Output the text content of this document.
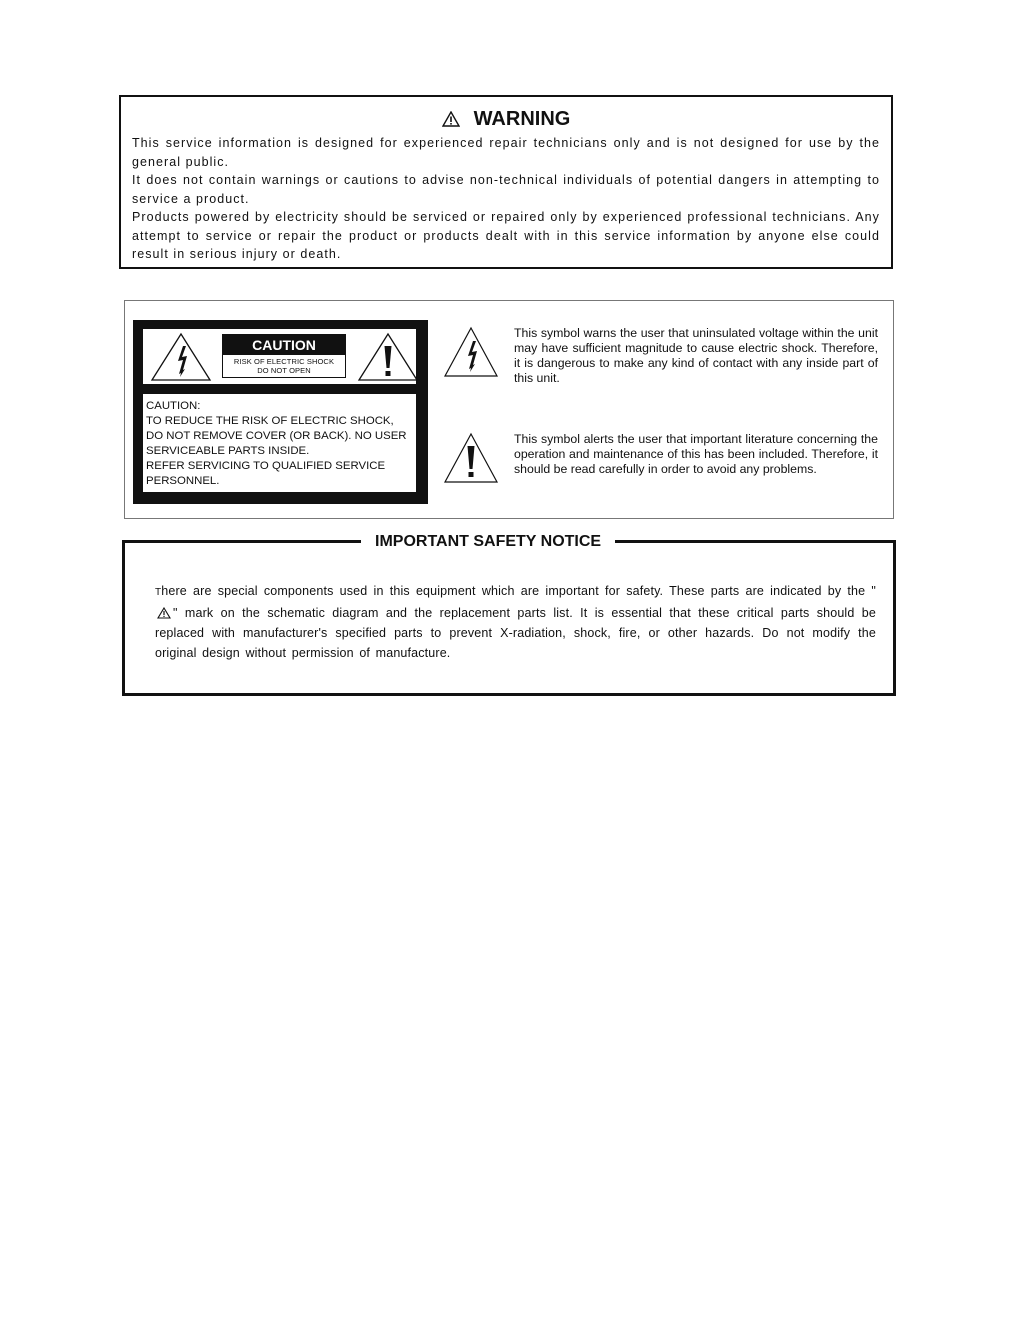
WARNING

This service information is designed for experienced repair technicians only and is not designed for use by the general public.

It does not contain warnings or cautions to advise non-technical individuals of potential dangers in attempting to service a product.

Products powered by electricity should be serviced or repaired only by experienced professional technicians. Any attempt to service or repair the product or products dealt with in this service information by anyone else could result in serious injury or death.

CAUTION
RISK OF ELECTRIC SHOCK
DO NOT OPEN
CAUTION:
TO REDUCE THE RISK OF ELECTRIC SHOCK,
DO NOT REMOVE COVER (OR BACK). NO USER
SERVICEABLE PARTS INSIDE.
REFER SERVICING TO QUALIFIED SERVICE
PERSONNEL.
This symbol warns the user that uninsulated voltage within the unit may have sufficient magnitude to cause electric shock. Therefore, it is dangerous to make any kind of contact with any inside part of this unit.
This symbol alerts the user that important literature concerning the operation and maintenance of this has been included. Therefore, it should be read carefully in order to avoid any problems.
IMPORTANT SAFETY NOTICE
There are special components used in this equipment which are important for safety. These parts are indicated by the "" mark on the schematic diagram and the replacement parts list. It is essential that these critical parts should be replaced with manufacturer's specified parts to prevent X-radiation, shock, fire, or other hazards. Do not modify the original design without permission of manufacture.
